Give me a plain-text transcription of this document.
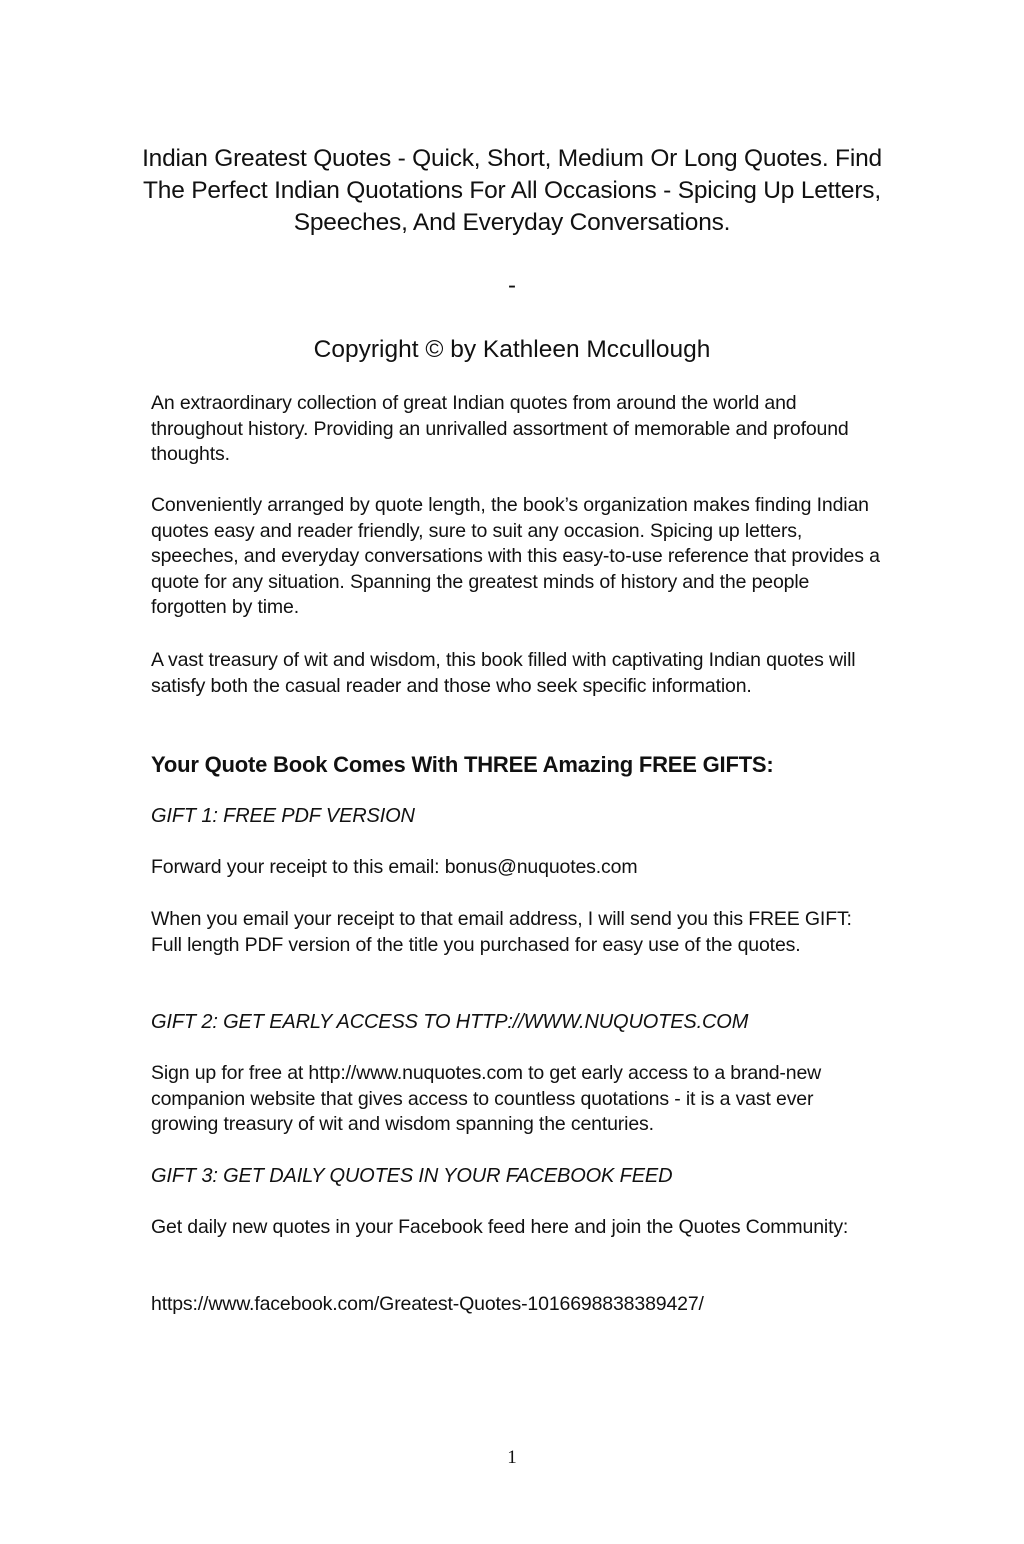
Indian Greatest Quotes - Quick, Short, Medium Or Long Quotes. Find The Perfect Indian Quotations For All Occasions - Spicing Up Letters, Speeches, And Everyday Conversations.
-
Copyright © by Kathleen Mccullough

An extraordinary collection of great Indian quotes from around the world and throughout history. Providing an unrivalled assortment of memorable and profound thoughts.

Conveniently arranged by quote length, the book’s organization makes finding Indian quotes easy and reader friendly, sure to suit any occasion. Spicing up letters, speeches, and everyday conversations with this easy-to-use reference that provides a quote for any situation. Spanning the greatest minds of history and the people forgotten by time.

A vast treasury of wit and wisdom, this book filled with captivating Indian quotes will satisfy both the casual reader and those who seek specific information.

Your Quote Book Comes With THREE Amazing FREE GIFTS:

GIFT 1: FREE PDF VERSION

Forward your receipt to this email: bonus@nuquotes.com

When you email your receipt to that email address, I will send you this FREE GIFT: Full length PDF version of the title you purchased for easy use of the quotes.

GIFT 2: GET EARLY ACCESS TO HTTP://WWW.NUQUOTES.COM

Sign up for free at http://www.nuquotes.com to get early access to a brand-new companion website that gives access to countless quotations - it is a vast ever growing treasury of wit and wisdom spanning the centuries.

GIFT 3: GET DAILY QUOTES IN YOUR FACEBOOK FEED

Get daily new quotes in your Facebook feed here and join the Quotes Community:

https://www.facebook.com/Greatest-Quotes-1016698838389427/

1
